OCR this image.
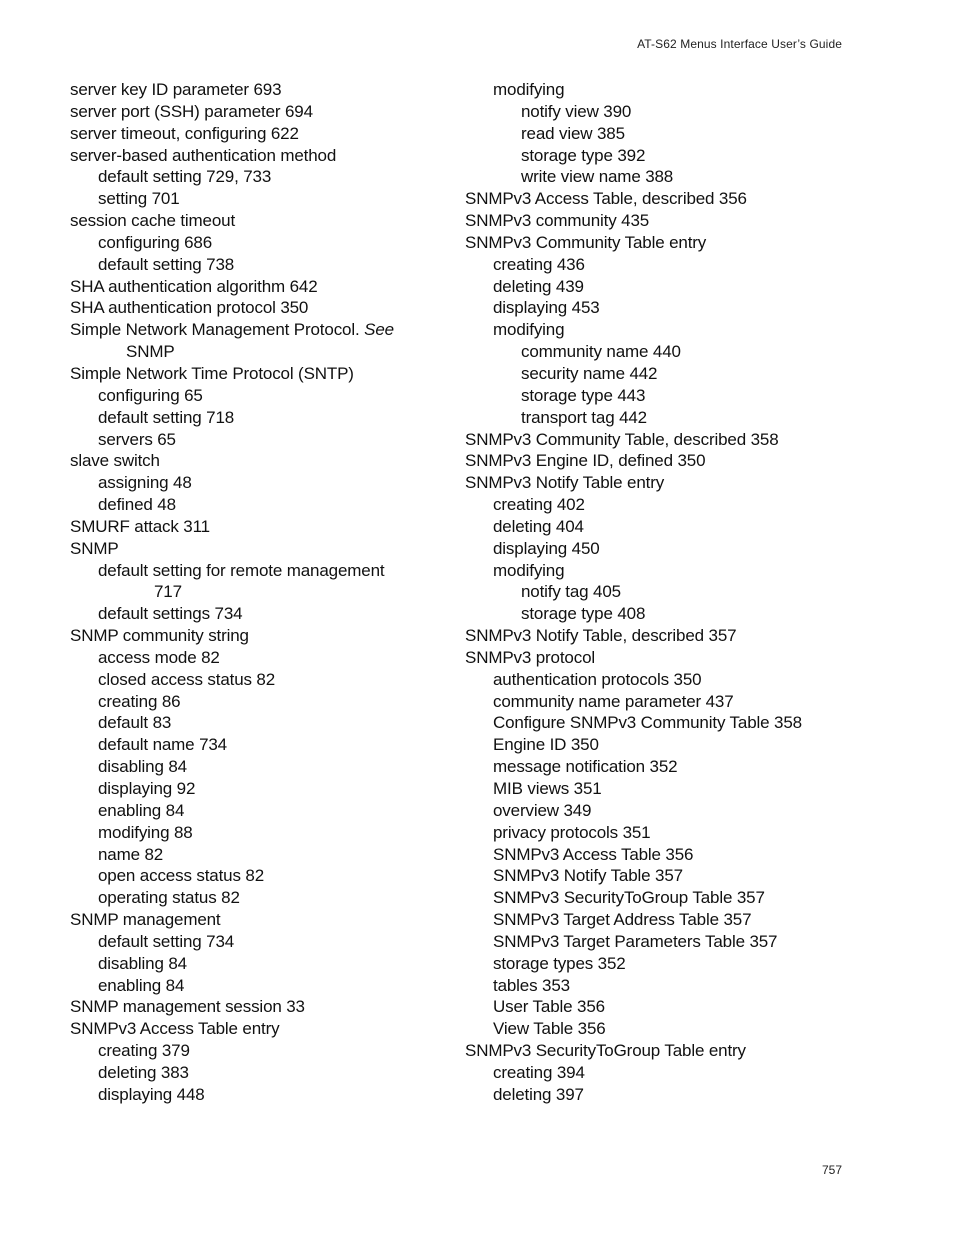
AT-S62 Menus Interface User’s Guide
server key ID parameter 693
server port (SSH) parameter 694
server timeout, configuring 622
server-based authentication method
default setting 729, 733
setting 701
session cache timeout
configuring 686
default setting 738
SHA authentication algorithm 642
SHA authentication protocol 350
Simple Network Management Protocol. See
SNMP
Simple Network Time Protocol (SNTP)
configuring 65
default setting 718
servers 65
slave switch
assigning 48
defined 48
SMURF attack 311
SNMP
default setting for remote management
717
default settings 734
SNMP community string
access mode 82
closed access status 82
creating 86
default 83
default name 734
disabling 84
displaying 92
enabling 84
modifying 88
name 82
open access status 82
operating status 82
SNMP management
default setting 734
disabling 84
enabling 84
SNMP management session 33
SNMPv3 Access Table entry
creating 379
deleting 383
displaying 448
modifying
notify view 390
read view 385
storage type 392
write view name 388
SNMPv3 Access Table, described 356
SNMPv3 community 435
SNMPv3 Community Table entry
creating 436
deleting 439
displaying 453
modifying
community name 440
security name 442
storage type 443
transport tag 442
SNMPv3 Community Table, described 358
SNMPv3 Engine ID, defined 350
SNMPv3 Notify Table entry
creating 402
deleting 404
displaying 450
modifying
notify tag 405
storage type 408
SNMPv3 Notify Table, described 357
SNMPv3 protocol
authentication protocols 350
community name parameter 437
Configure SNMPv3 Community Table 358
Engine ID 350
message notification 352
MIB views 351
overview 349
privacy protocols 351
SNMPv3 Access Table 356
SNMPv3 Notify Table 357
SNMPv3 SecurityToGroup Table 357
SNMPv3 Target Address Table 357
SNMPv3 Target Parameters Table 357
storage types 352
tables 353
User Table 356
View Table 356
SNMPv3 SecurityToGroup Table entry
creating 394
deleting 397
757
